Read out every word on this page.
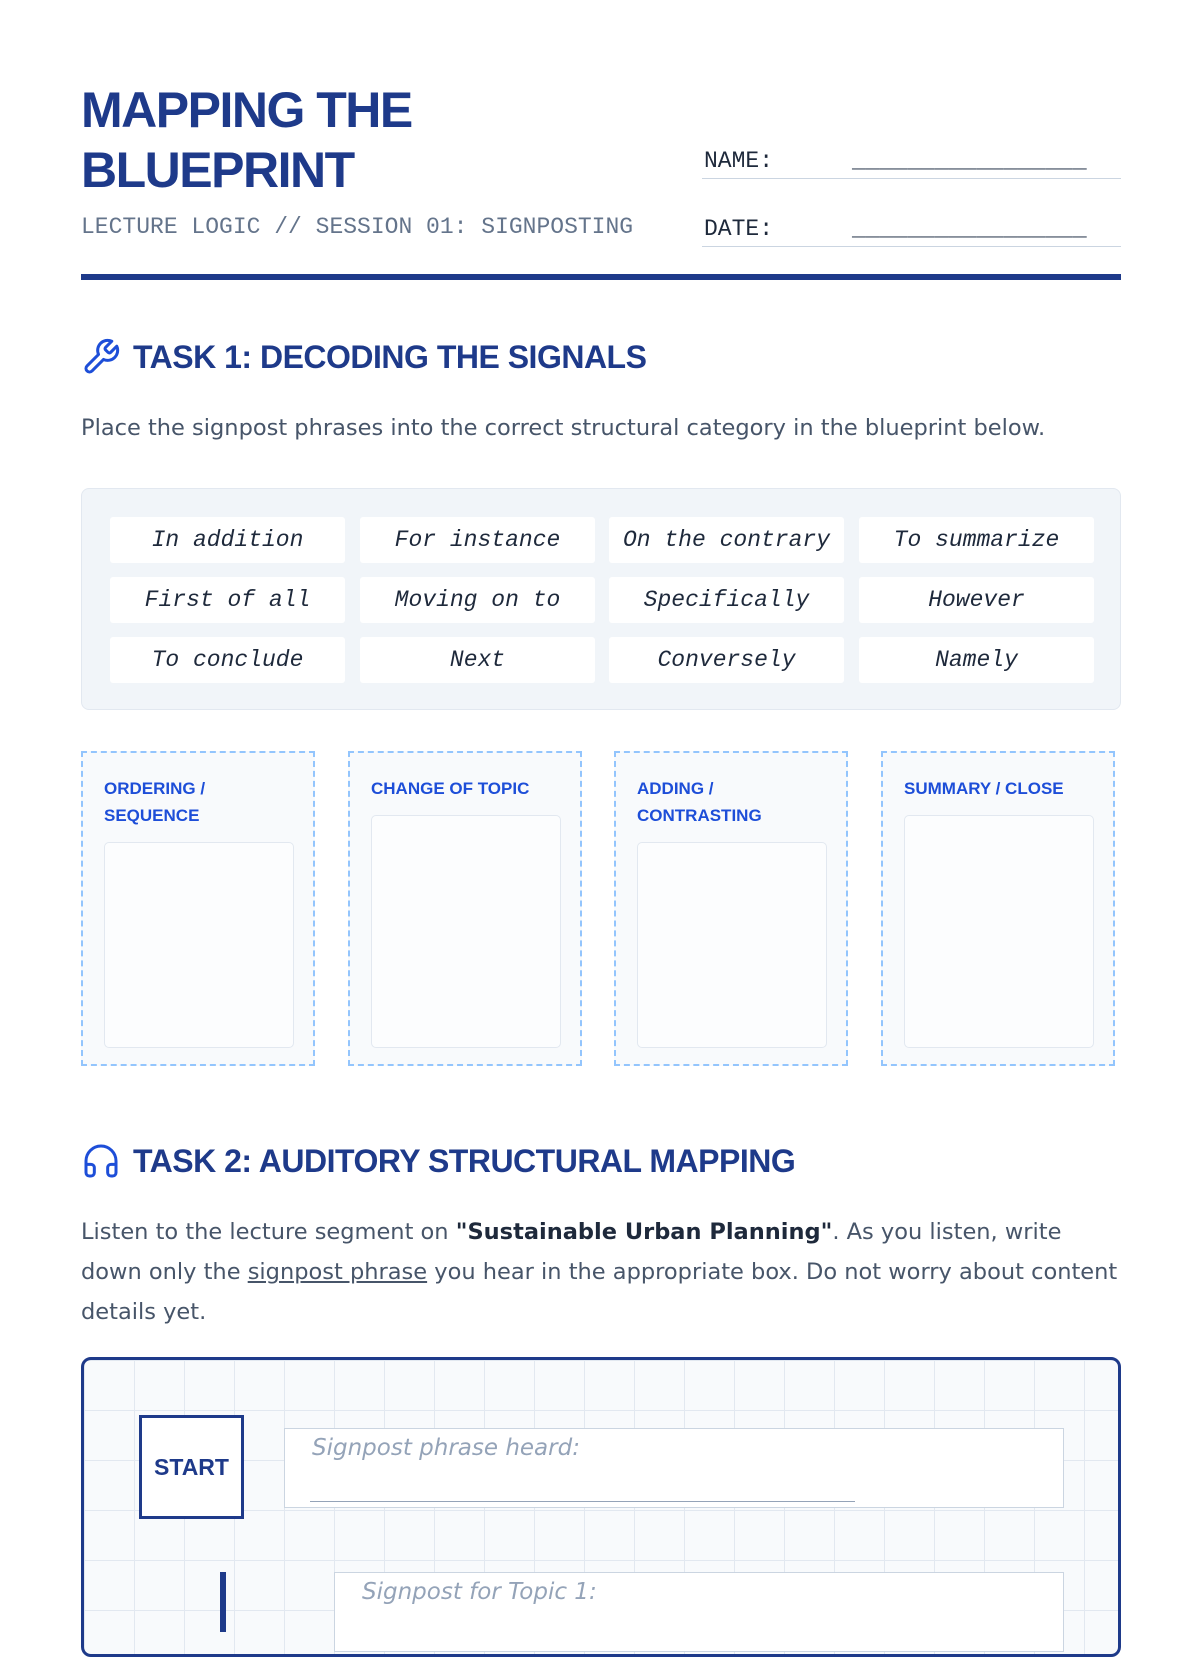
MAPPING THE
BLUEPRINT
LECTURE LOGIC // SESSION 01: SIGNPOSTING
NAME:	_________________
DATE:	_________________
TASK 1: DECODING THE SIGNALS
Place the signpost phrases into the correct structural category in the blueprint below.
In addition	For instance	On the contrary	To summarize
First of all	Moving on to	Specifically	However
To conclude	Next	Conversely	Namely
ORDERING /
SEQUENCE
CHANGE OF TOPIC	ADDING /
CONTRASTING
SUMMARY / CLOSE
TASK 2: AUDITORY STRUCTURAL MAPPING
Listen to the lecture segment on "Sustainable Urban Planning". As you listen, write down only the signpost phrase you hear in the appropriate box. Do not worry about content details yet.
START
Signpost phrase heard:
Signpost for Topic 1:
